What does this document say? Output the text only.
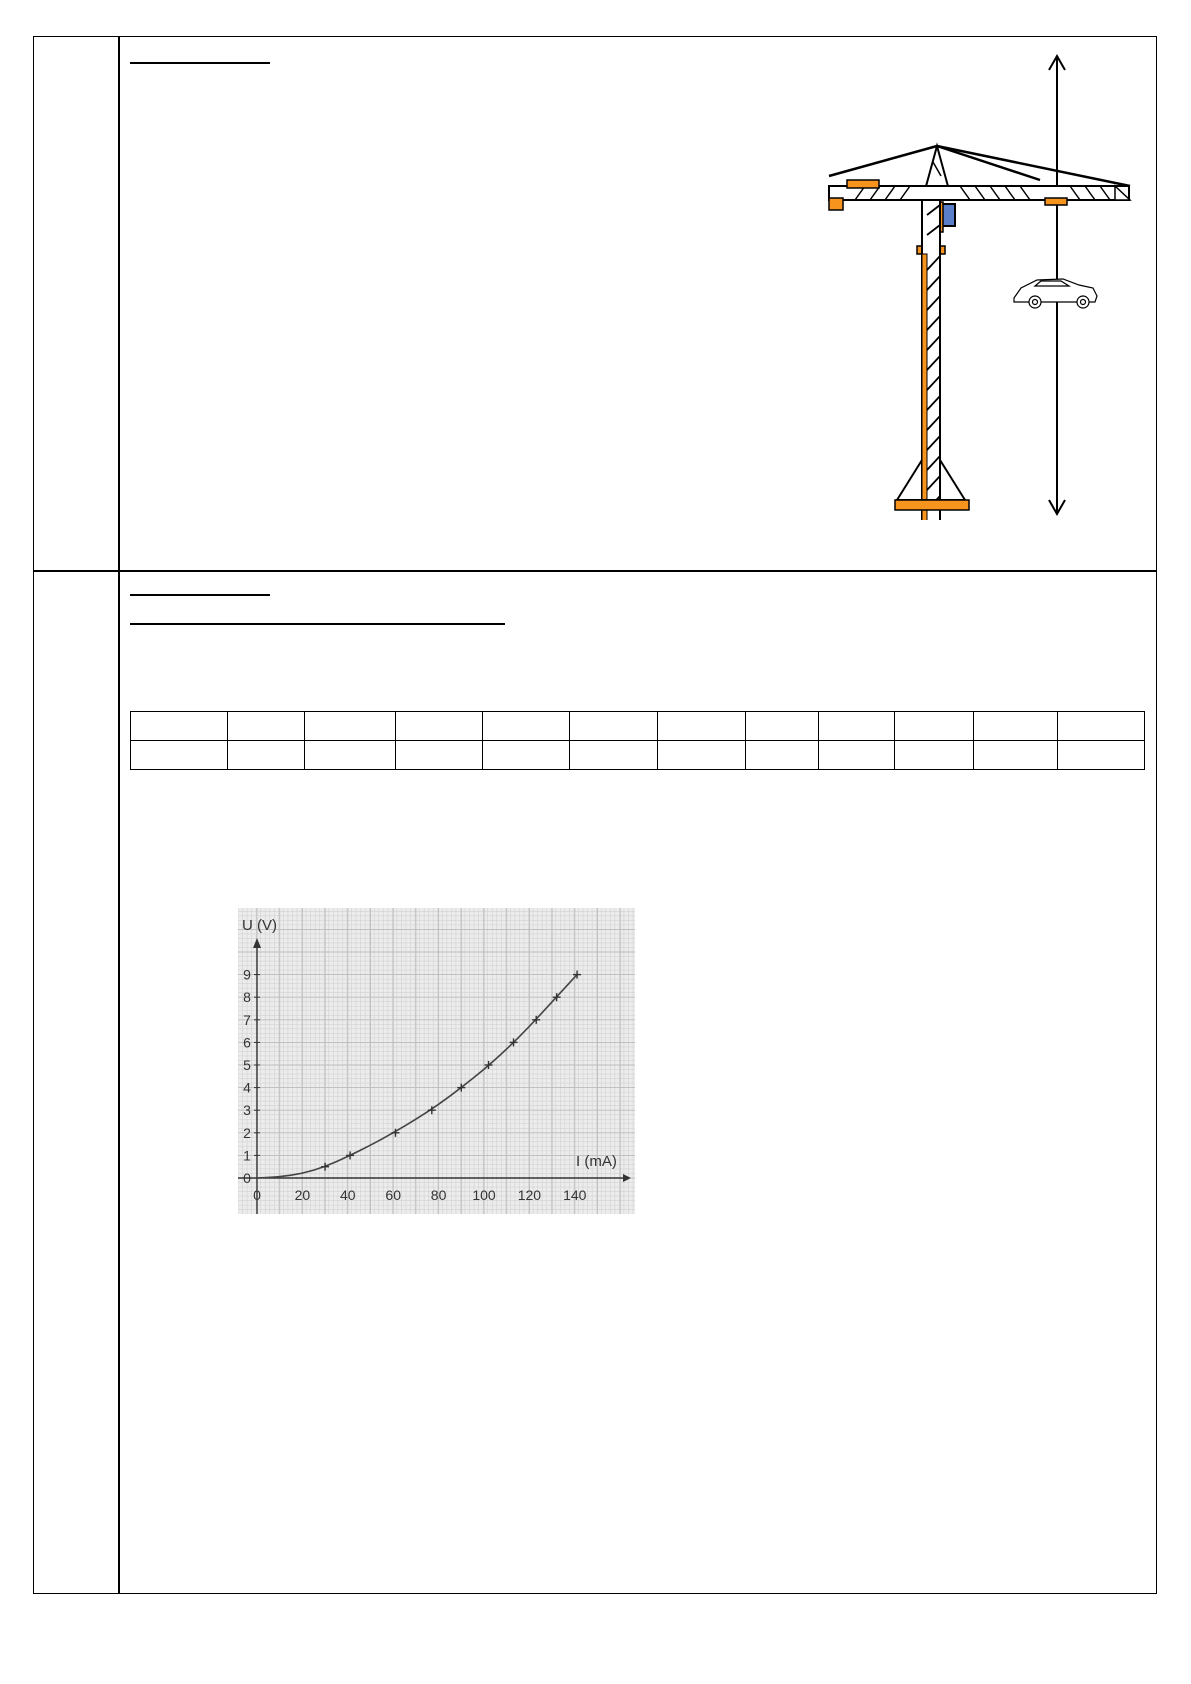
0 20 40 60 80 100 120 140
0
1
2
3
4
5
6
7
8
9
U (V)
I (mA)
